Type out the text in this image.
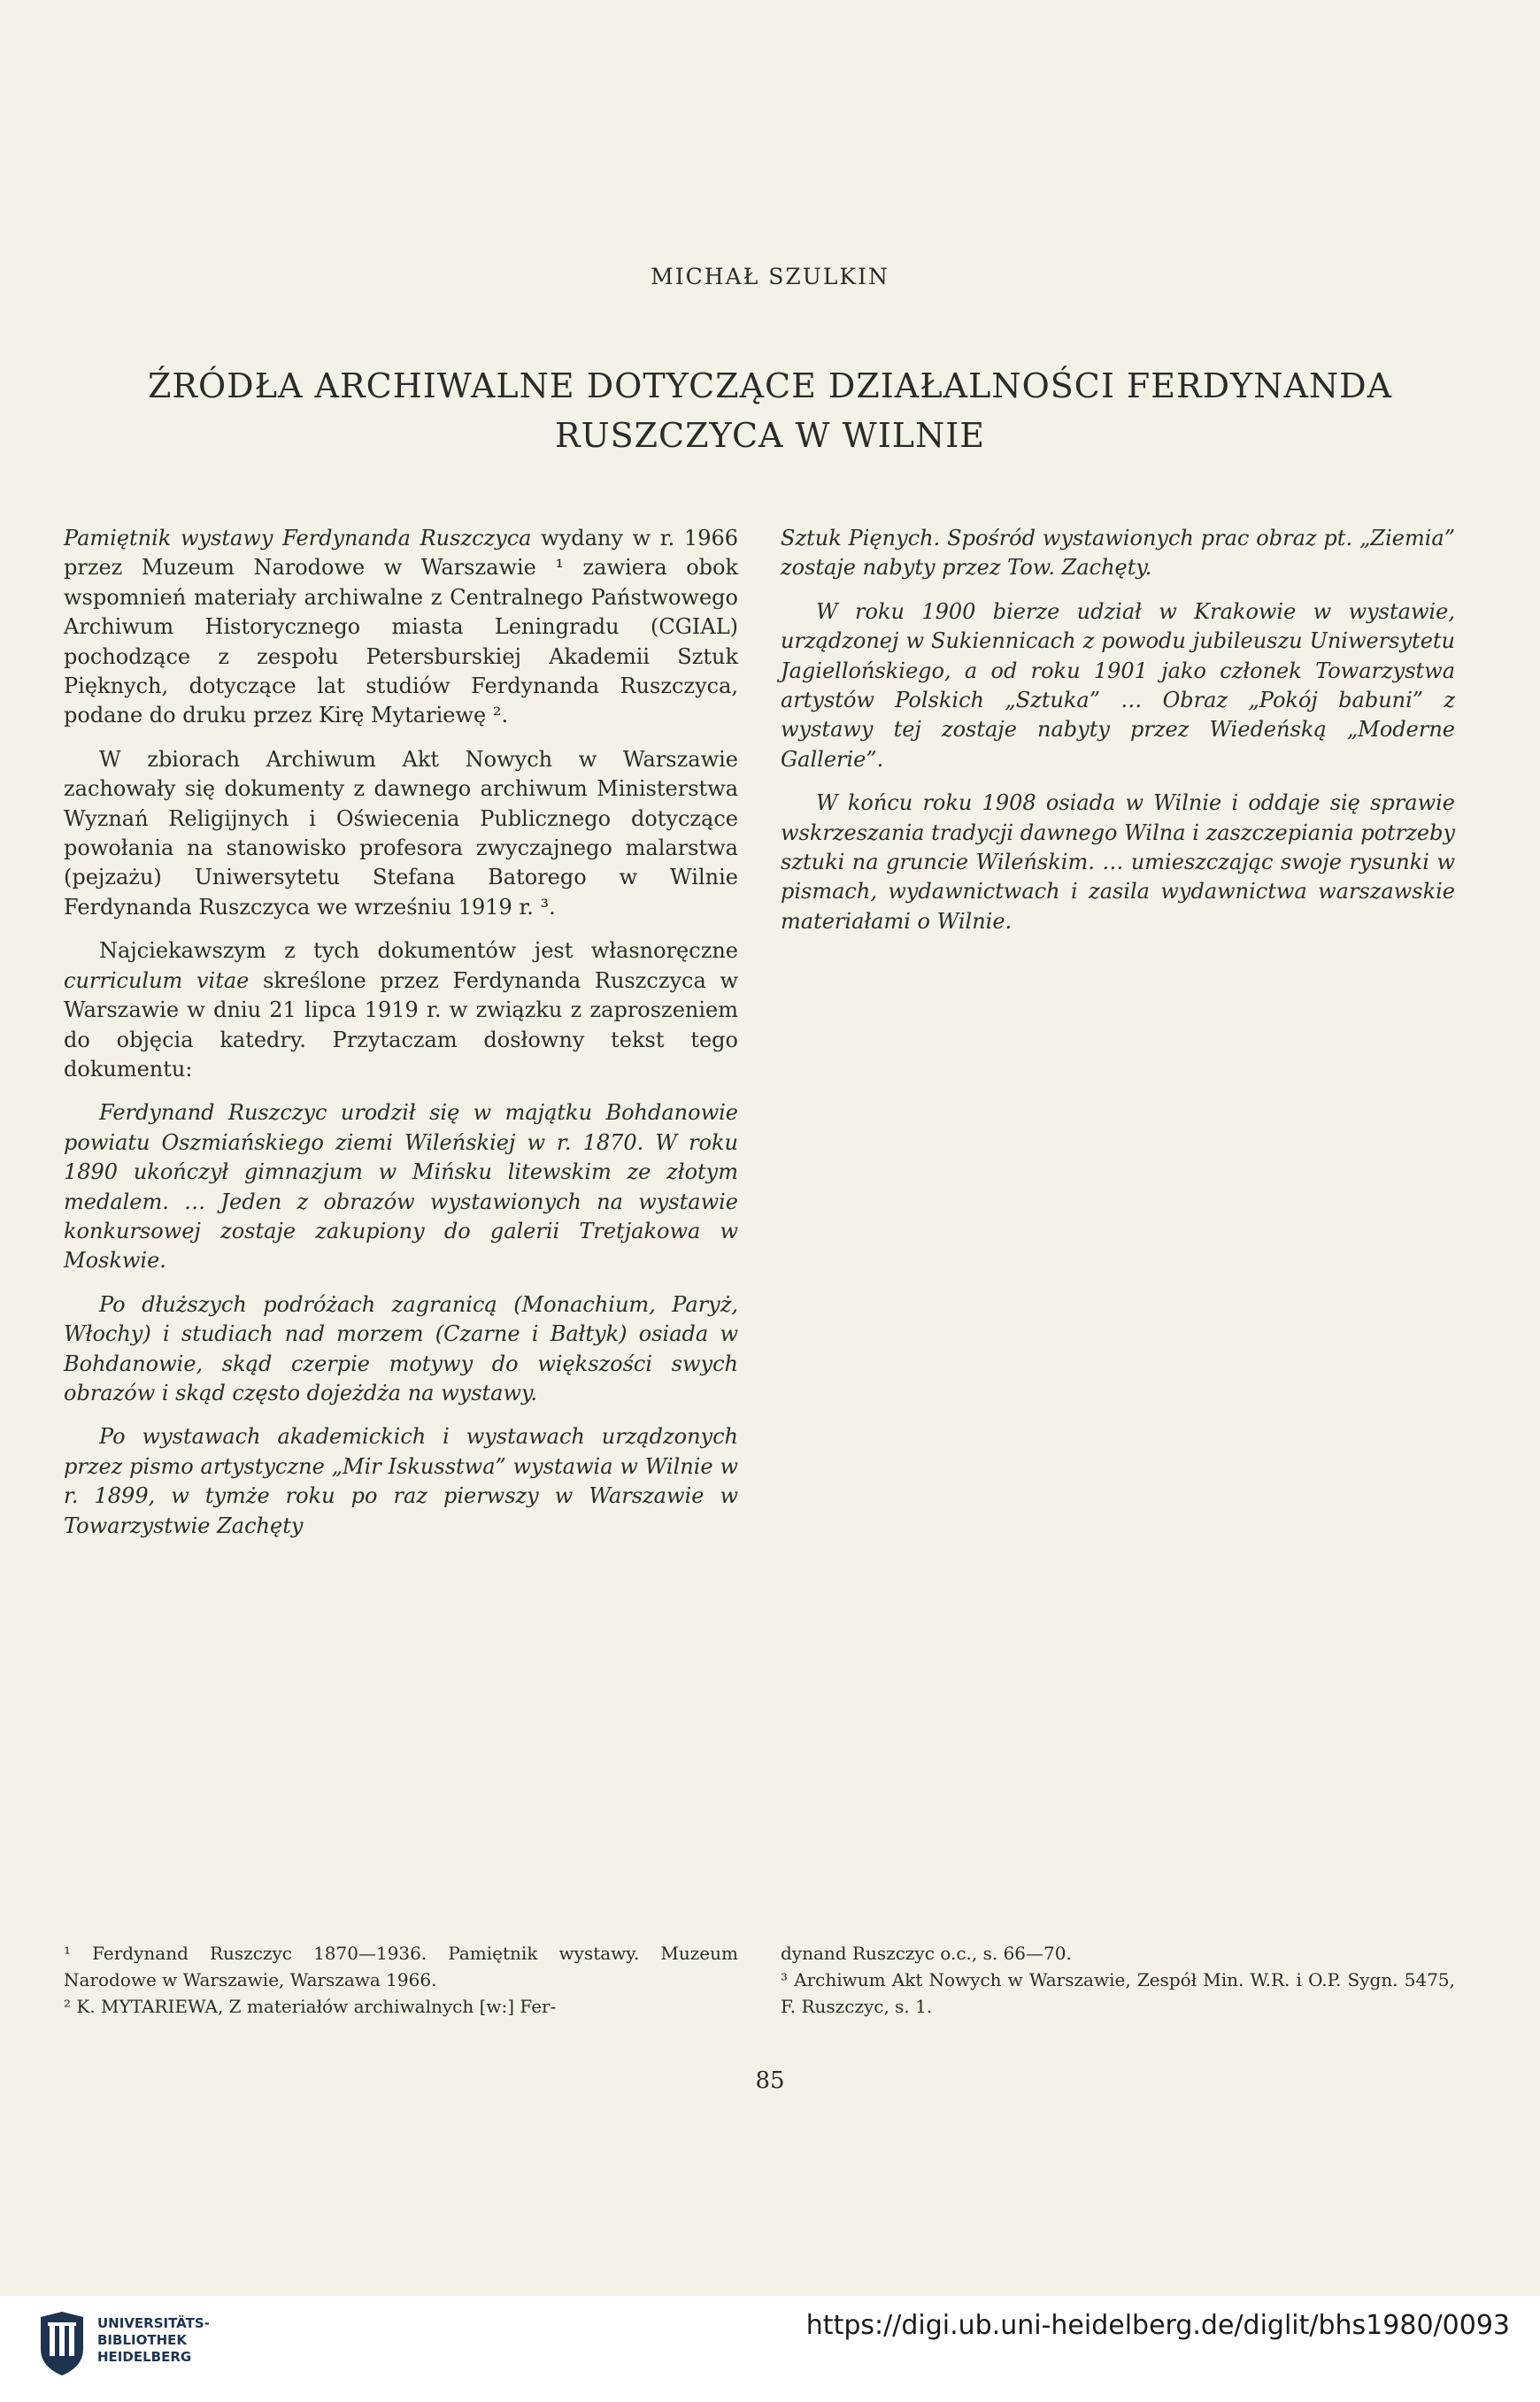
MICHAŁ SZULKIN
ŹRÓDŁA ARCHIWALNE DOTYCZĄCE DZIAŁALNOŚCI FERDYNANDA
RUSZCZYCA W WILNIE

Pamiętnik wystawy Ferdynanda Ruszczyca wydany w r. 1966 przez Muzeum Narodowe w Warszawie ¹ zawiera obok wspomnień materiały archiwalne z Centralnego Państwowego Archiwum Historycznego miasta Leningradu (CGIAL) pochodzące z zespołu Petersburskiej Akademii Sztuk Pięknych, dotyczące lat studiów Ferdynanda Ruszczyca, podane do druku przez Kirę Mytariewę ².

W zbiorach Archiwum Akt Nowych w Warszawie zachowały się dokumenty z dawnego archiwum Ministerstwa Wyznań Religijnych i Oświecenia Publicznego dotyczące powołania na stanowisko profesora zwyczajnego malarstwa (pejzażu) Uniwersytetu Stefana Batorego w Wilnie Ferdynanda Ruszczyca we wrześniu 1919 r. ³.

Najciekawszym z tych dokumentów jest własnoręczne curriculum vitae skreślone przez Ferdynanda Ruszczyca w Warszawie w dniu 21 lipca 1919 r. w związku z zaproszeniem do objęcia katedry. Przytaczam dosłowny tekst tego dokumentu:

Ferdynand Ruszczyc urodził się w majątku Bohdanowie powiatu Oszmiańskiego ziemi Wileńskiej w r. 1870. W roku 1890 ukończył gimnazjum w Mińsku litewskim ze złotym medalem. … Jeden z obrazów wystawionych na wystawie konkursowej zostaje zakupiony do galerii Tretjakowa w Moskwie.

Po dłuższych podróżach zagranicą (Monachium, Paryż, Włochy) i studiach nad morzem (Czarne i Bałtyk) osiada w Bohdanowie, skąd czerpie motywy do większości swych obrazów i skąd często dojeżdża na wystawy.

Po wystawach akademickich i wystawach urządzonych przez pismo artystyczne „Mir Iskusstwa” wystawia w Wilnie w r. 1899, w tymże roku po raz pierwszy w Warszawie w Towarzystwie Zachęty

Sztuk Pięnych. Spośród wystawionych prac obraz pt. „Ziemia” zostaje nabyty przez Tow. Zachęty.

W roku 1900 bierze udział w Krakowie w wystawie, urządzonej w Sukiennicach z powodu jubileuszu Uniwersytetu Jagiellońskiego, a od roku 1901 jako członek Towarzystwa artystów Polskich „Sztuka” … Obraz „Pokój babuni” z wystawy tej zostaje nabyty przez Wiedeńską „Moderne Gallerie”.

W końcu roku 1908 osiada w Wilnie i oddaje się sprawie wskrzeszania tradycji dawnego Wilna i zaszczepiania potrzeby sztuki na gruncie Wileńskim. … umieszczając swoje rysunki w pismach, wydawnictwach i zasila wydawnictwa warszawskie materiałami o Wilnie.

¹ Ferdynand Ruszczyc 1870—1936. Pamiętnik wystawy. Muzeum Narodowe w Warszawie, Warszawa 1966.
² K. MYTARIEWA, Z materiałów archiwalnych [w:] Fer-
dynand Ruszczyc o.c., s. 66—70.
³ Archiwum Akt Nowych w Warszawie, Zespół Min. W.R. i O.P. Sygn. 5475, F. Ruszczyc, s. 1.
85
UNIVERSITÄTS-
BIBLIOTHEK
HEIDELBERG
https://digi.ub.uni-heidelberg.de/diglit/bhs1980/0093
